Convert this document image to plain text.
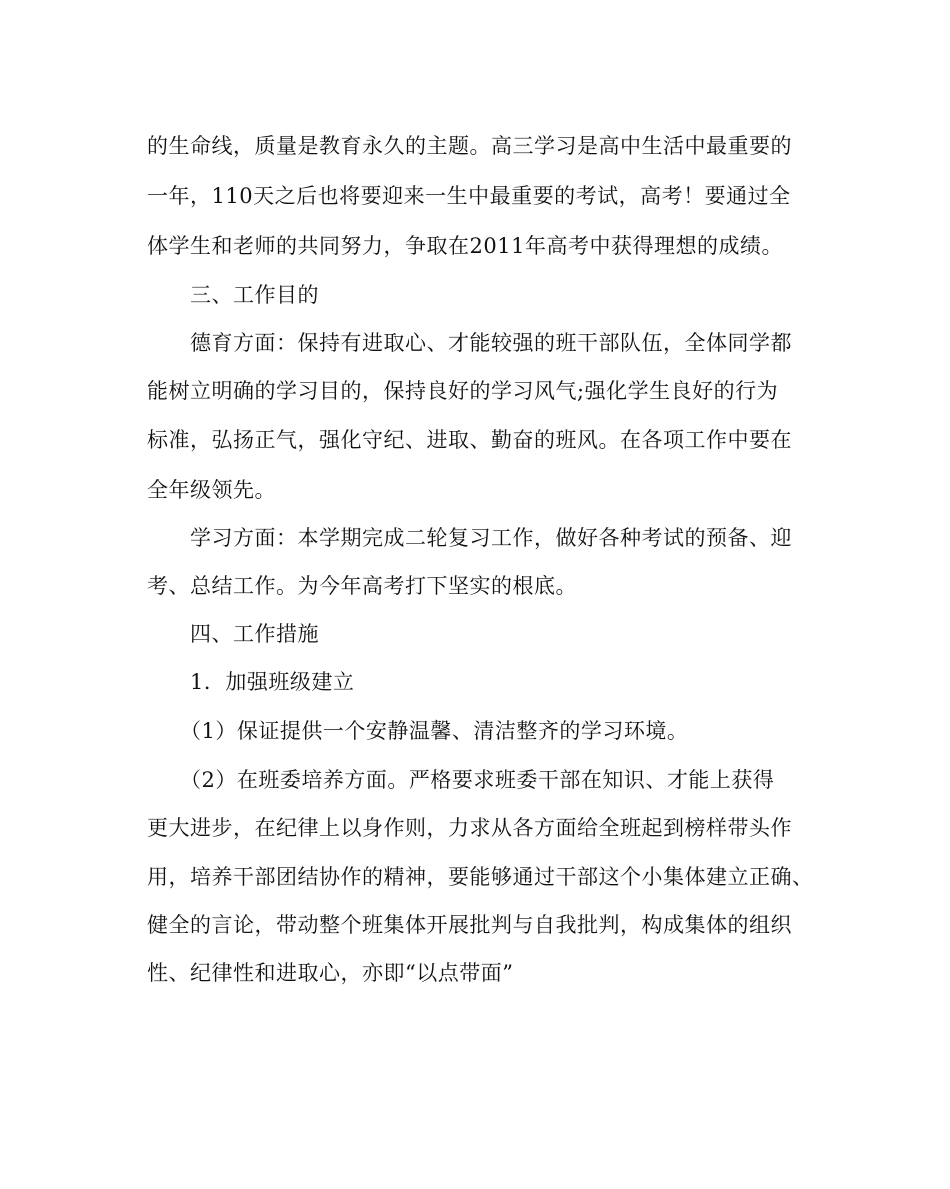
的生命线，质量是教育永久的主题。高三学习是高中生活中最重要的
一年，110天之后也将要迎来一生中最重要的考试，高考！要通过全
体学生和老师的共同努力，争取在2011年高考中获得理想的成绩。
三、工作目的
德育方面：保持有进取心、才能较强的班干部队伍，全体同学都
能树立明确的学习目的，保持良好的学习风气;强化学生良好的行为
标准，弘扬正气，强化守纪、进取、勤奋的班风。在各项工作中要在
全年级领先。
学习方面：本学期完成二轮复习工作，做好各种考试的预备、迎
考、总结工作。为今年高考打下坚实的根底。
四、工作措施
1．加强班级建立
（1）保证提供一个安静温馨、清洁整齐的学习环境。
（2）在班委培养方面。严格要求班委干部在知识、才能上获得
更大进步，在纪律上以身作则，力求从各方面给全班起到榜样带头作
用，培养干部团结协作的精神，要能够通过干部这个小集体建立正确、
健全的言论，带动整个班集体开展批判与自我批判，构成集体的组织
性、纪律性和进取心，亦即“以点带面”
